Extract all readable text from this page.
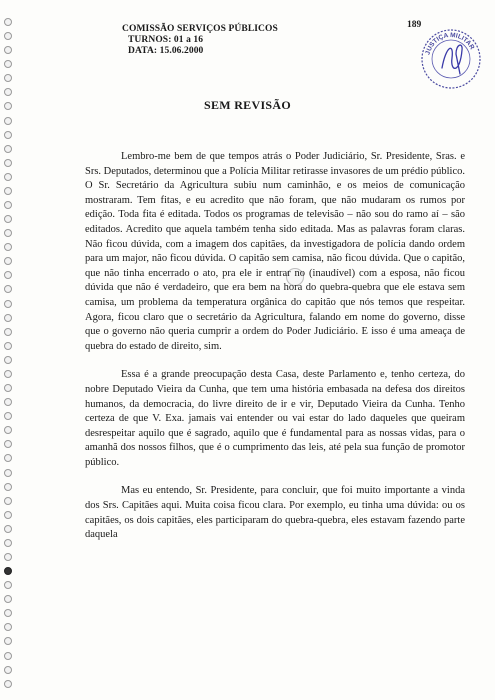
COMISSÃO SERVIÇOS PÚBLICOS
TURNOS: 01 a 16
DATA: 15.06.2000
189
JUSTIÇA MILITAR
SEM REVISÃO

Lembro-me bem de que tempos atrás o Poder Judiciário, Sr. Presidente, Sras. e Srs. Deputados, determinou que a Polícia Militar retirasse invasores de um prédio público. O Sr. Secretário da Agricultura subiu num caminhão, e os meios de comunicação mostraram. Tem fitas, e eu acredito que não foram, que não mudaram os rumos por edição. Toda fita é editada. Todos os programas de televisão – não sou do ramo aí – são editados. Acredito que aquela também tenha sido editada. Mas as palavras foram claras. Não ficou dúvida, com a imagem dos capitães, da investigadora de polícia dando ordem para um major, não ficou dúvida. O capitão sem camisa, não ficou dúvida. Que o capitão, que não tinha encerrado o ato, pra ele ir entrar no (inaudível) com a esposa, não ficou dúvida que não é verdadeiro, que era bem na hora do quebra-quebra que ele estava sem camisa, um problema da temperatura orgânica do capitão que nós temos que respeitar. Agora, ficou claro que o secretário da Agricultura, falando em nome do governo, disse que o governo não queria cumprir a ordem do Poder Judiciário. E isso é uma ameaça de quebra do estado de direito, sim.

Essa é a grande preocupação desta Casa, deste Parlamento e, tenho certeza, do nobre Deputado Vieira da Cunha, que tem uma história embasada na defesa dos direitos humanos, da democracia, do livre direito de ir e vir, Deputado Vieira da Cunha. Tenho certeza de que V. Exa. jamais vai entender ou vai estar do lado daqueles que queiram desrespeitar aquilo que é sagrado, aquilo que é fundamental para as nossas vidas, para o amanhã dos nossos filhos, que é o cumprimento das leis, até pela sua função de promotor público.

Mas eu entendo, Sr. Presidente, para concluir, que foi muito importante a vinda dos Srs. Capitães aqui. Muita coisa ficou clara. Por exemplo, eu tinha uma dúvida: ou os capitães, os dois capitães, eles participaram do quebra-quebra, eles estavam fazendo parte daquela
